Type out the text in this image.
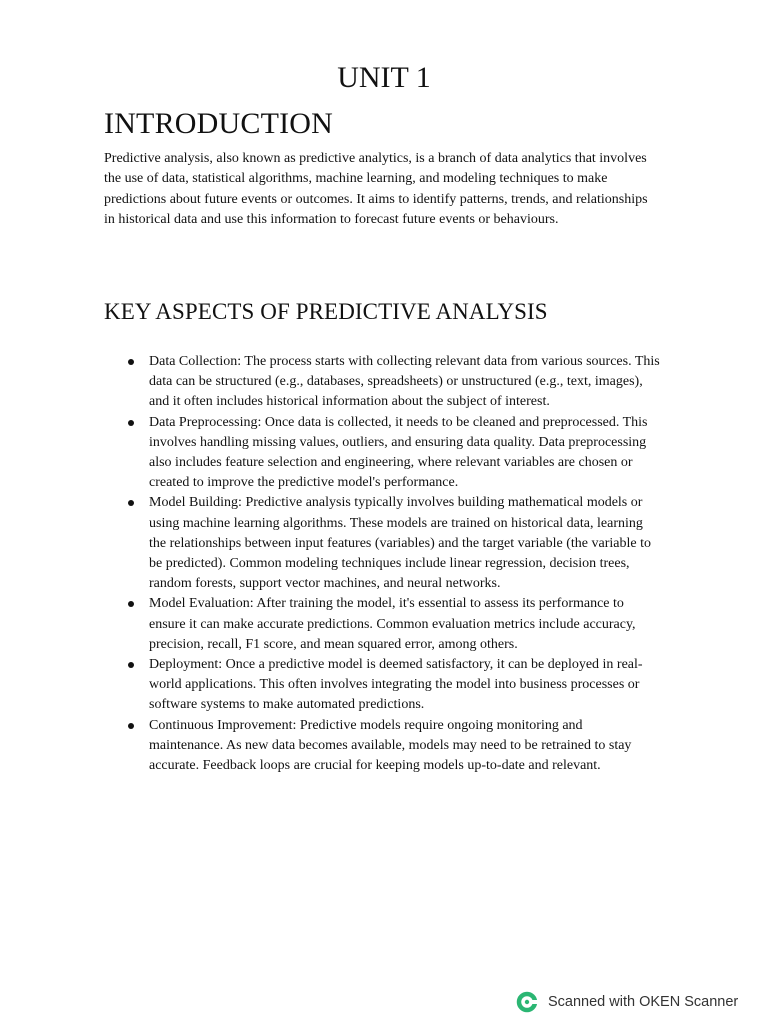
UNIT 1
INTRODUCTION

Predictive analysis, also known as predictive analytics, is a branch of data analytics that involves the use of data, statistical algorithms, machine learning, and modeling techniques to make predictions about future events or outcomes. It aims to identify patterns, trends, and relationships in historical data and use this information to forecast future events or behaviours.

KEY ASPECTS OF PREDICTIVE ANALYSIS
Data Collection: The process starts with collecting relevant data from various sources. This data can be structured (e.g., databases, spreadsheets) or unstructured (e.g., text, images), and it often includes historical information about the subject of interest.
Data Preprocessing: Once data is collected, it needs to be cleaned and preprocessed. This involves handling missing values, outliers, and ensuring data quality. Data preprocessing also includes feature selection and engineering, where relevant variables are chosen or created to improve the predictive model's performance.
Model Building: Predictive analysis typically involves building mathematical models or using machine learning algorithms. These models are trained on historical data, learning the relationships between input features (variables) and the target variable (the variable to be predicted). Common modeling techniques include linear regression, decision trees, random forests, support vector machines, and neural networks.
Model Evaluation: After training the model, it's essential to assess its performance to ensure it can make accurate predictions. Common evaluation metrics include accuracy, precision, recall, F1 score, and mean squared error, among others.
Deployment: Once a predictive model is deemed satisfactory, it can be deployed in real-world applications. This often involves integrating the model into business processes or software systems to make automated predictions.
Continuous Improvement: Predictive models require ongoing monitoring and maintenance. As new data becomes available, models may need to be retrained to stay accurate. Feedback loops are crucial for keeping models up-to-date and relevant.
Scanned with OKEN Scanner
